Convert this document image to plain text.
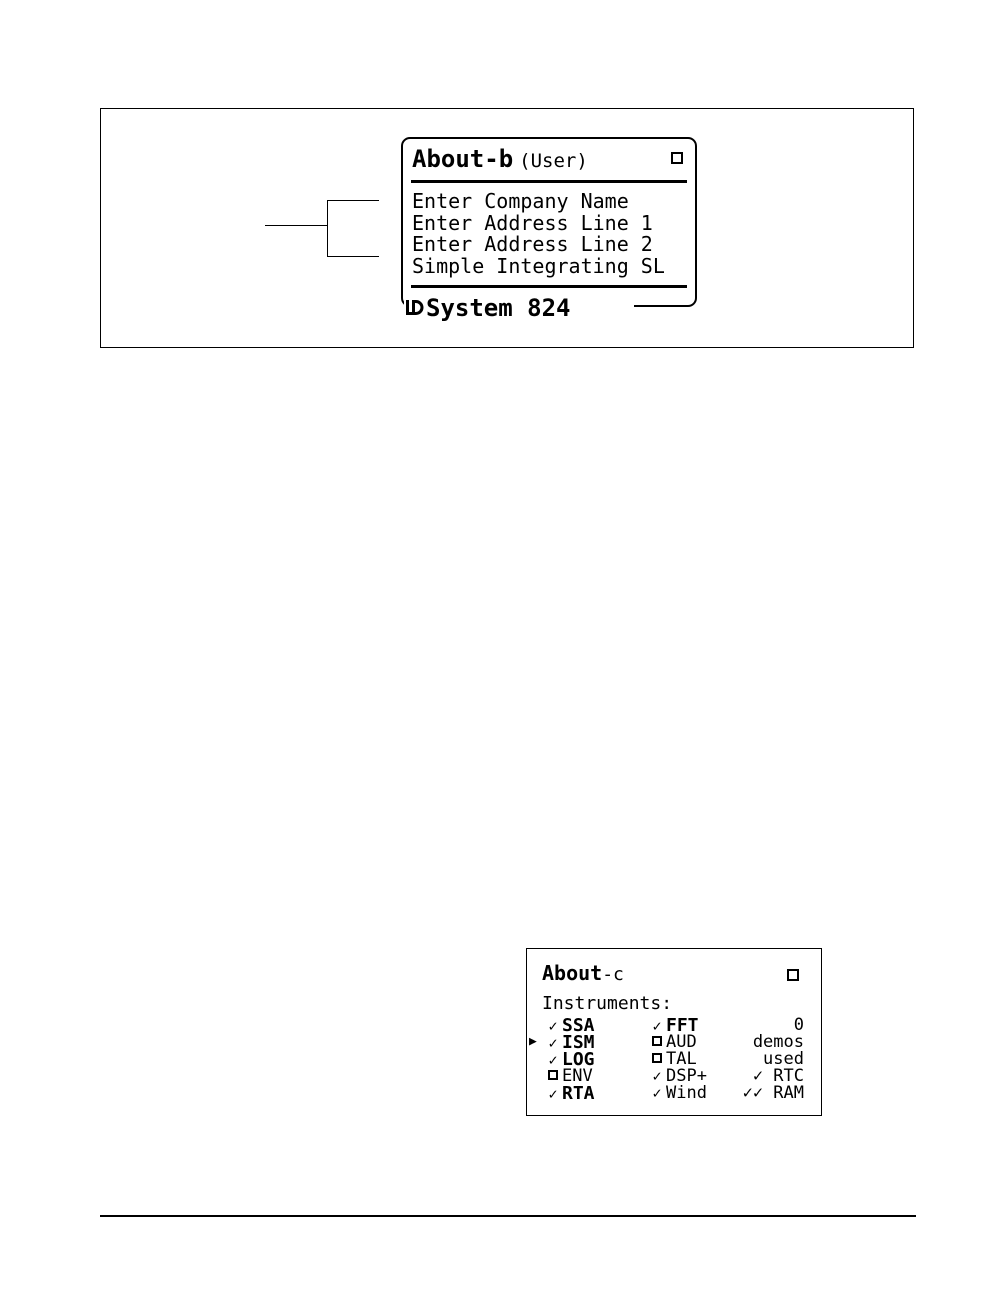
About-b (User)
Enter Company Name
Enter Address Line 1
Enter Address Line 2
Simple Integrating SL
System 824
About-c
Instruments:
✓ SSA	✓ FFT	0
▶ ✓ ISM	AUD	demos
✓ LOG	TAL	used
ENV	✓ DSP+	✓ RTC
✓ RTA	✓ Wind ✓✓ RAM
